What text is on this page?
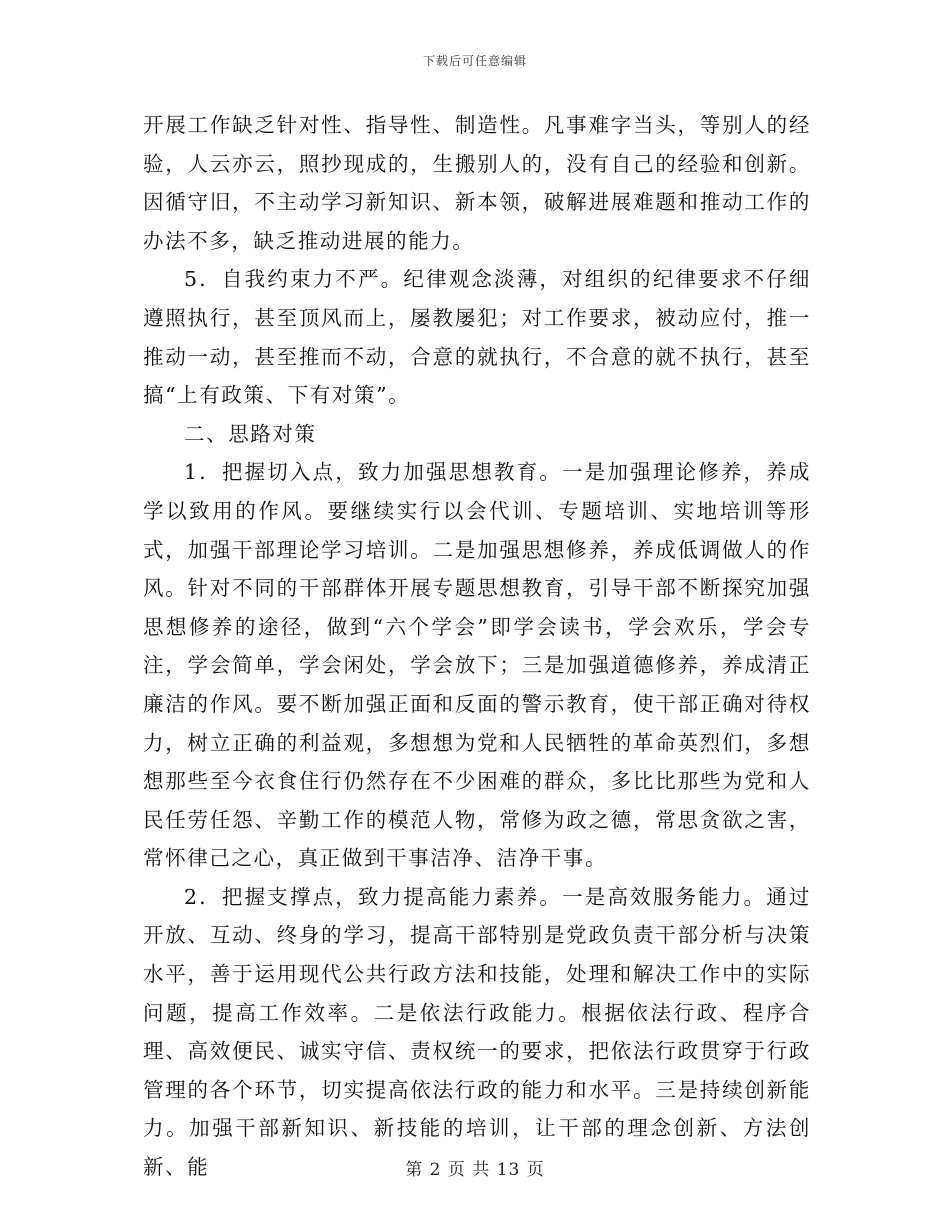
下载后可任意编辑

开展工作缺乏针对性、指导性、制造性。凡事难字当头，等别人的经验，人云亦云，照抄现成的，生搬别人的，没有自己的经验和创新。因循守旧，不主动学习新知识、新本领，破解进展难题和推动工作的办法不多，缺乏推动进展的能力。

5．自我约束力不严。纪律观念淡薄，对组织的纪律要求不仔细遵照执行，甚至顶风而上，屡教屡犯；对工作要求，被动应付，推一推动一动，甚至推而不动，合意的就执行，不合意的就不执行，甚至搞“上有政策、下有对策”。

二、思路对策

1．把握切入点，致力加强思想教育。一是加强理论修养，养成学以致用的作风。要继续实行以会代训、专题培训、实地培训等形式，加强干部理论学习培训。二是加强思想修养，养成低调做人的作风。针对不同的干部群体开展专题思想教育，引导干部不断探究加强思想修养的途径，做到“六个学会”即学会读书，学会欢乐，学会专注，学会简单，学会闲处，学会放下；三是加强道德修养，养成清正廉洁的作风。要不断加强正面和反面的警示教育，使干部正确对待权力，树立正确的利益观，多想想为党和人民牺牲的革命英烈们，多想想那些至今衣食住行仍然存在不少困难的群众，多比比那些为党和人民任劳任怨、辛勤工作的模范人物，常修为政之德，常思贪欲之害，常怀律己之心，真正做到干事洁净、洁净干事。

2．把握支撑点，致力提高能力素养。一是高效服务能力。通过开放、互动、终身的学习，提高干部特别是党政负责干部分析与决策水平，善于运用现代公共行政方法和技能，处理和解决工作中的实际问题，提高工作效率。二是依法行政能力。根据依法行政、程序合理、高效便民、诚实守信、责权统一的要求，把依法行政贯穿于行政管理的各个环节，切实提高依法行政的能力和水平。三是持续创新能力。加强干部新知识、新技能的培训，让干部的理念创新、方法创新、能	第 2 页 共 13 页
